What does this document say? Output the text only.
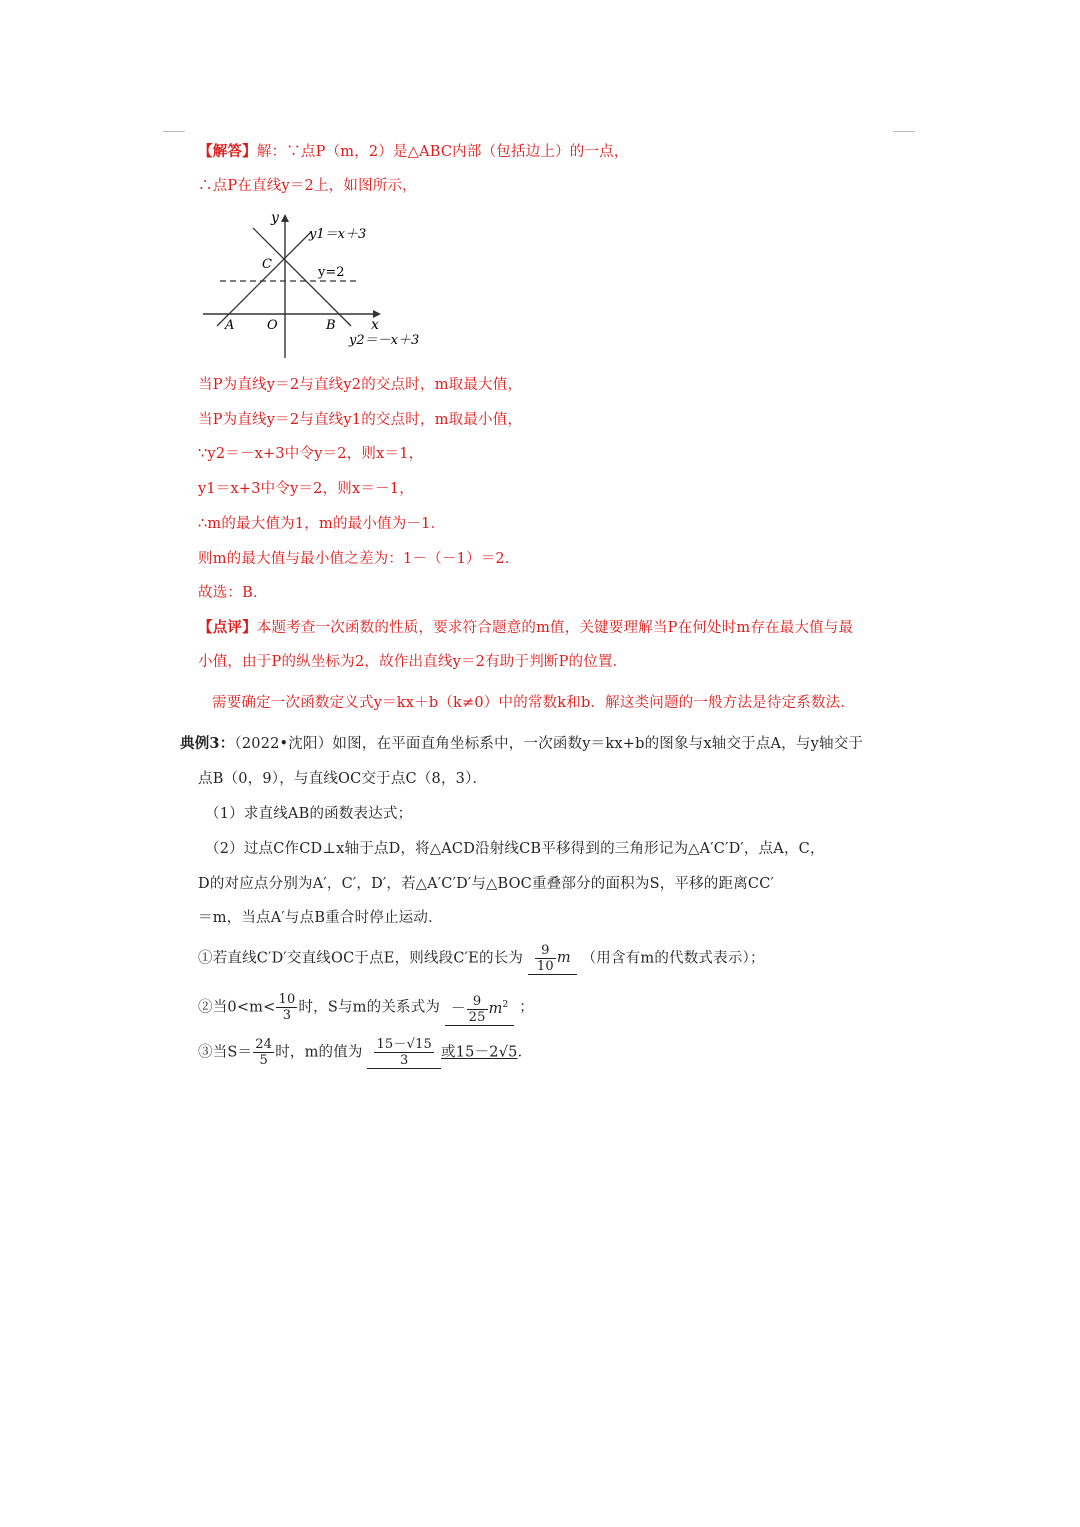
【解答】解：∵点P（m，2）是△ABC内部（包括边上）的一点，
∴点P在直线y＝2上，如图所示，
y
x
y1＝x＋3
y2＝－x＋3
y=2
A	O	B
C
当P为直线y＝2与直线y2的交点时，m取最大值，
当P为直线y＝2与直线y1的交点时，m取最小值，
∵y2＝－x+3中令y＝2，则x＝1，
y1＝x+3中令y＝2，则x＝－1，
∴m的最大值为1，m的最小值为－1．
则m的最大值与最小值之差为：1－（－1）＝2．
故选：B．
【点评】本题考查一次函数的性质，要求符合题意的m值，关键要理解当P在何处时m存在最大值与最
小值，由于P的纵坐标为2，故作出直线y＝2有助于判断P的位置．
需要确定一次函数定义式y＝kx＋b（k≠0）中的常数k和b．解这类问题的一般方法是待定系数法．
典例3：（2022•沈阳）如图，在平面直角坐标系中，一次函数y＝kx+b的图象与x轴交于点A，与y轴交于
点B（0，9），与直线OC交于点C（8，3）．
（1）求直线AB的函数表达式；
（2）过点C作CD⊥x轴于点D，将△ACD沿射线CB平移得到的三角形记为△A′C′D′，点A，C，
D的对应点分别为A′，C′，D′，若△A′C′D′与△BOC重叠部分的面积为S，平移的距离CC′
＝m，当点A′与点B重合时停止运动．
①若直线C′D′交直线OC于点E，则线段C′E的长为 $\frac{9}{10}$ m （用含有m的代数式表示）；
②当$0<m< \frac{10}{3}$ 时，S与m的关系式为 － $\frac{9}{25} m^2$ ；
③当$S= \frac{24}{5}$ 时，m的值为 $\frac{15-√15}{3}$ 或15－2√5．
